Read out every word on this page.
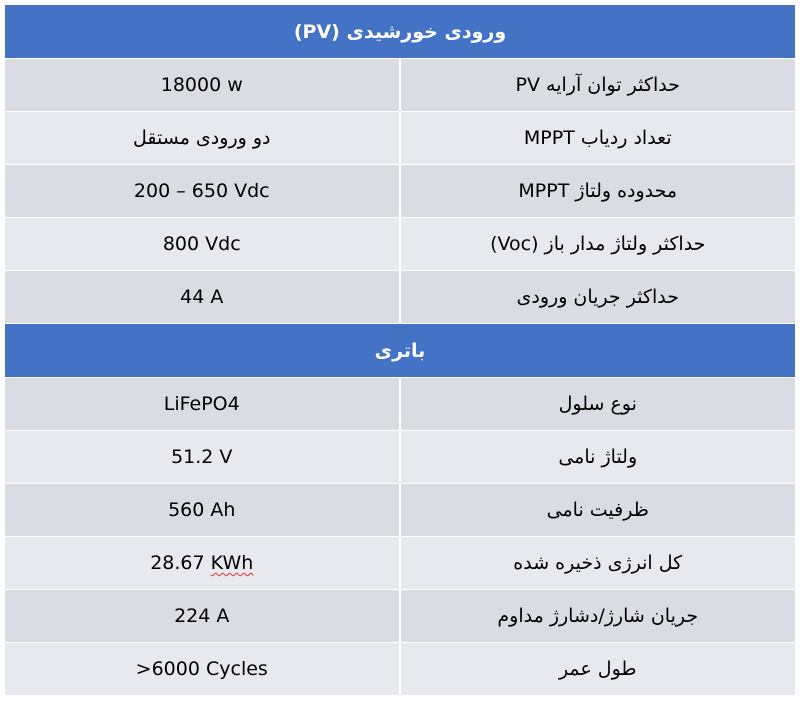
ورودی خورشیدی (PV)	
18000 w	حداکثر توان آرایه PV
دو ورودی مستقل	تعداد ردیاب MPPT
200 – 650 Vdc	محدوده ولتاژ MPPT
800 Vdc	حداکثر ولتاژ مدار باز (Voc)
44 A	حداکثر جریان ورودی
باتری	
LiFePO4	نوع سلول
51.2 V	ولتاژ نامی
560 Ah	ظرفیت نامی
28.67 KWh	کل انرژی ذخیره شده
224 A	جریان شارژ/دشارژ مداوم
>6000 Cycles	طول عمر
